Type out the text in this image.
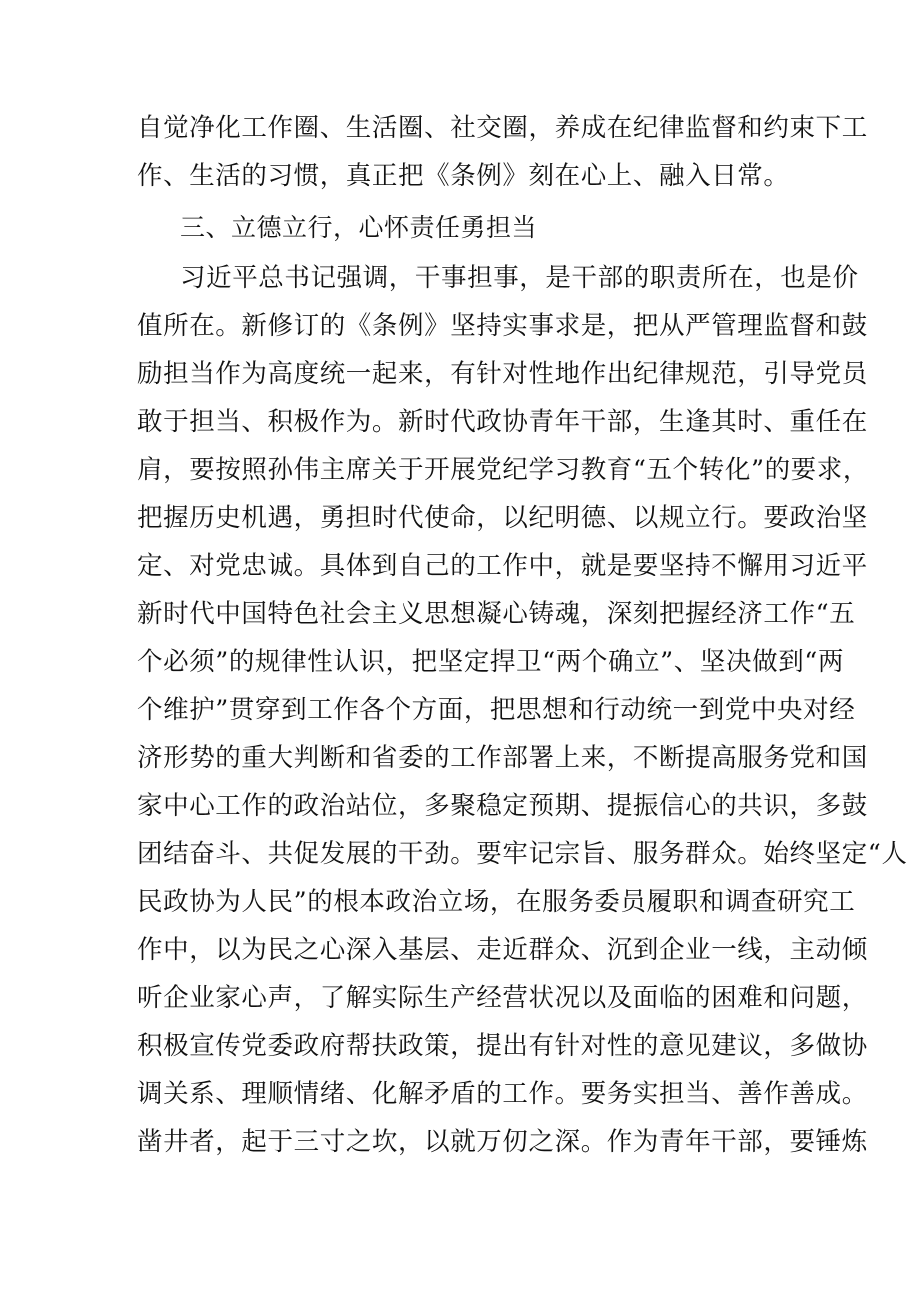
自觉净化工作圈、生活圈、社交圈，养成在纪律监督和约束下工
作、生活的习惯，真正把《条例》刻在心上、融入日常。
三、立德立行，心怀责任勇担当
习近平总书记强调，干事担事，是干部的职责所在，也是价
值所在。新修订的《条例》坚持实事求是，把从严管理监督和鼓
励担当作为高度统一起来，有针对性地作出纪律规范，引导党员
敢于担当、积极作为。新时代政协青年干部，生逢其时、重任在
肩，要按照孙伟主席关于开展党纪学习教育“五个转化”的要求，
把握历史机遇，勇担时代使命，以纪明德、以规立行。要政治坚
定、对党忠诚。具体到自己的工作中，就是要坚持不懈用习近平
新时代中国特色社会主义思想凝心铸魂，深刻把握经济工作“五
个必须”的规律性认识，把坚定捍卫“两个确立”、坚决做到“两
个维护”贯穿到工作各个方面，把思想和行动统一到党中央对经
济形势的重大判断和省委的工作部署上来，不断提高服务党和国
家中心工作的政治站位，多聚稳定预期、提振信心的共识，多鼓
团结奋斗、共促发展的干劲。要牢记宗旨、服务群众。始终坚定“人
民政协为人民”的根本政治立场，在服务委员履职和调查研究工
作中，以为民之心深入基层、走近群众、沉到企业一线，主动倾
听企业家心声，了解实际生产经营状况以及面临的困难和问题，
积极宣传党委政府帮扶政策，提出有针对性的意见建议，多做协
调关系、理顺情绪、化解矛盾的工作。要务实担当、善作善成。
凿井者，起于三寸之坎，以就万仞之深。作为青年干部，要锤炼
